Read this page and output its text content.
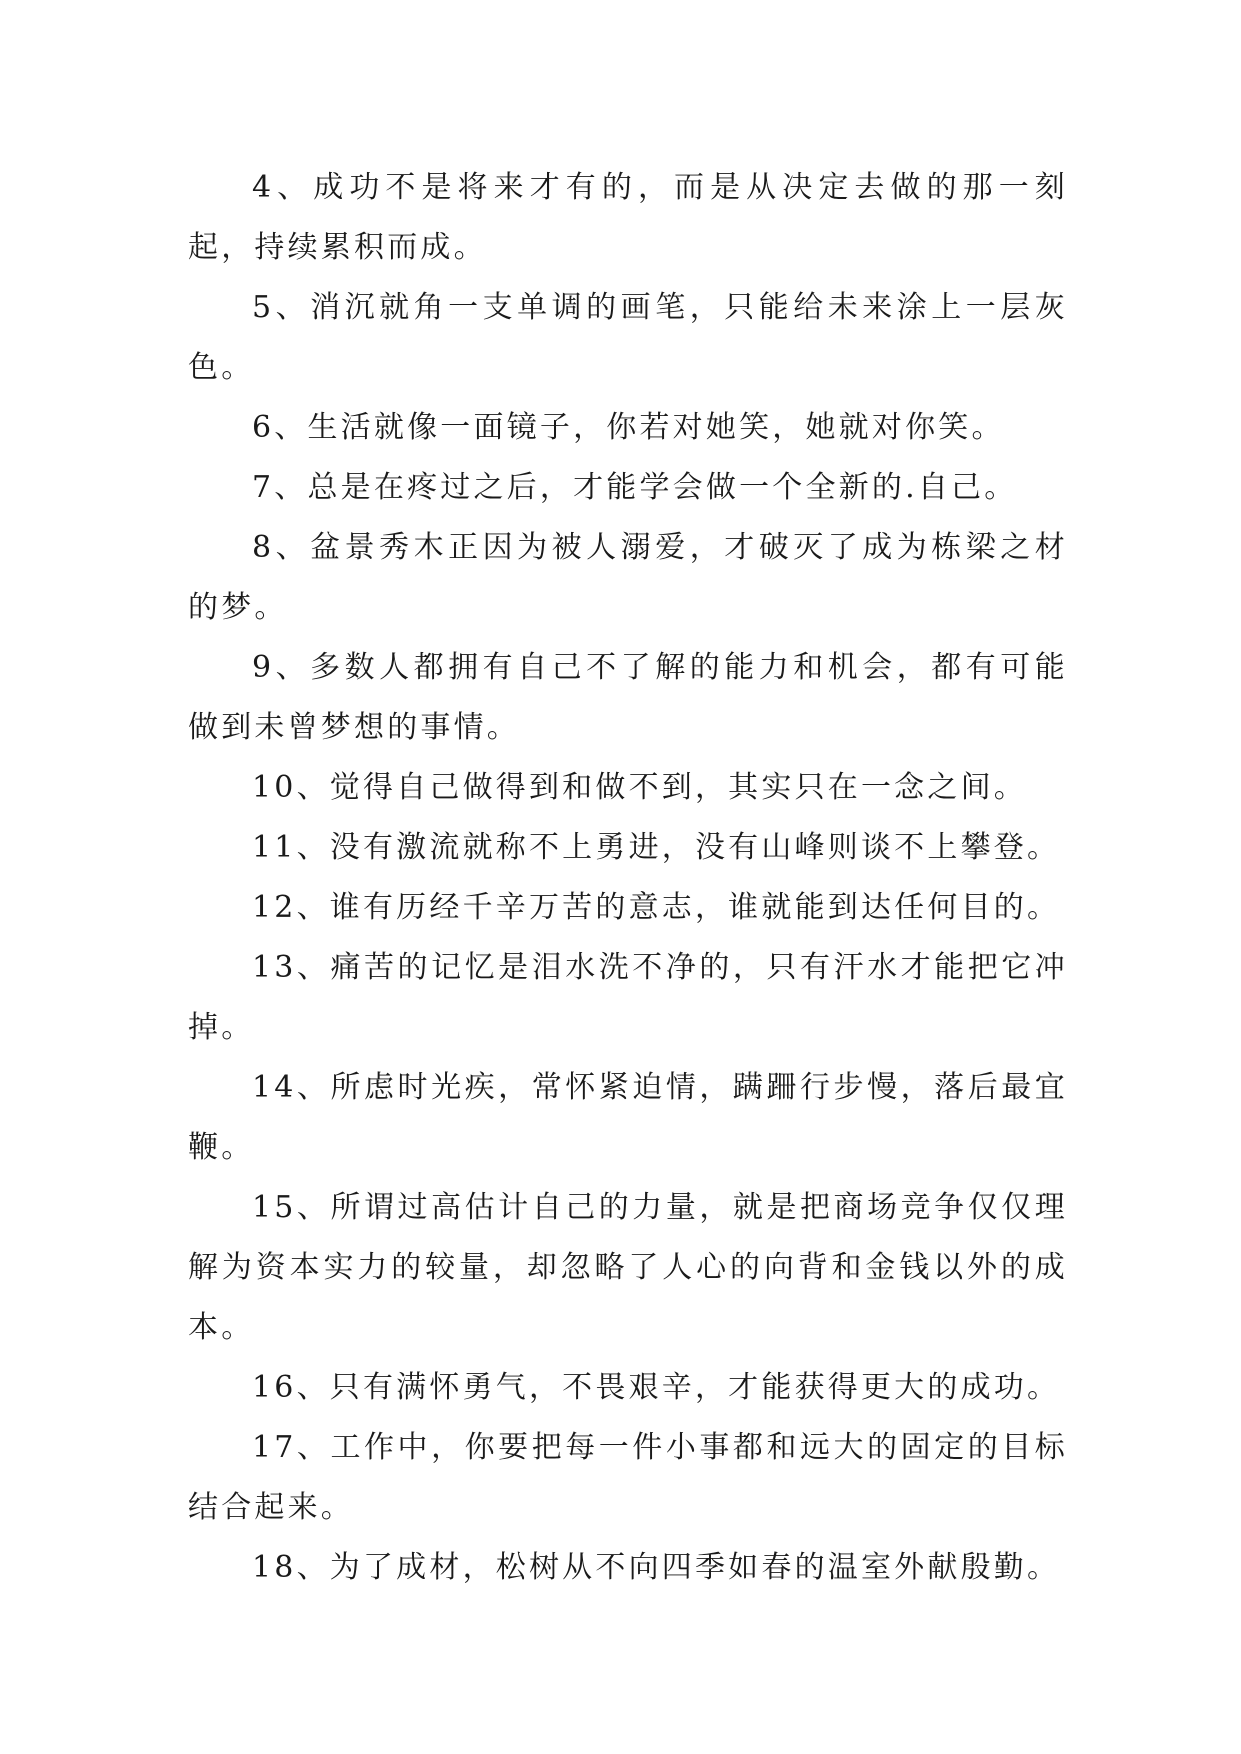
4、成功不是将来才有的，而是从决定去做的那一刻起，持续累积而成。

5、消沉就角一支单调的画笔，只能给未来涂上一层灰色。

6、生活就像一面镜子，你若对她笑，她就对你笑。

7、总是在疼过之后，才能学会做一个全新的.自己。

8、盆景秀木正因为被人溺爱，才破灭了成为栋梁之材的梦。

9、多数人都拥有自己不了解的能力和机会，都有可能做到未曾梦想的事情。

10、觉得自己做得到和做不到，其实只在一念之间。

11、没有激流就称不上勇进，没有山峰则谈不上攀登。

12、谁有历经千辛万苦的意志，谁就能到达任何目的。

13、痛苦的记忆是泪水洗不净的，只有汗水才能把它冲掉。

14、所虑时光疾，常怀紧迫情，蹒跚行步慢，落后最宜鞭。

15、所谓过高估计自己的力量，就是把商场竞争仅仅理解为资本实力的较量，却忽略了人心的向背和金钱以外的成本。

16、只有满怀勇气，不畏艰辛，才能获得更大的成功。

17、工作中，你要把每一件小事都和远大的固定的目标结合起来。

18、为了成材，松树从不向四季如春的温室外献殷勤。
